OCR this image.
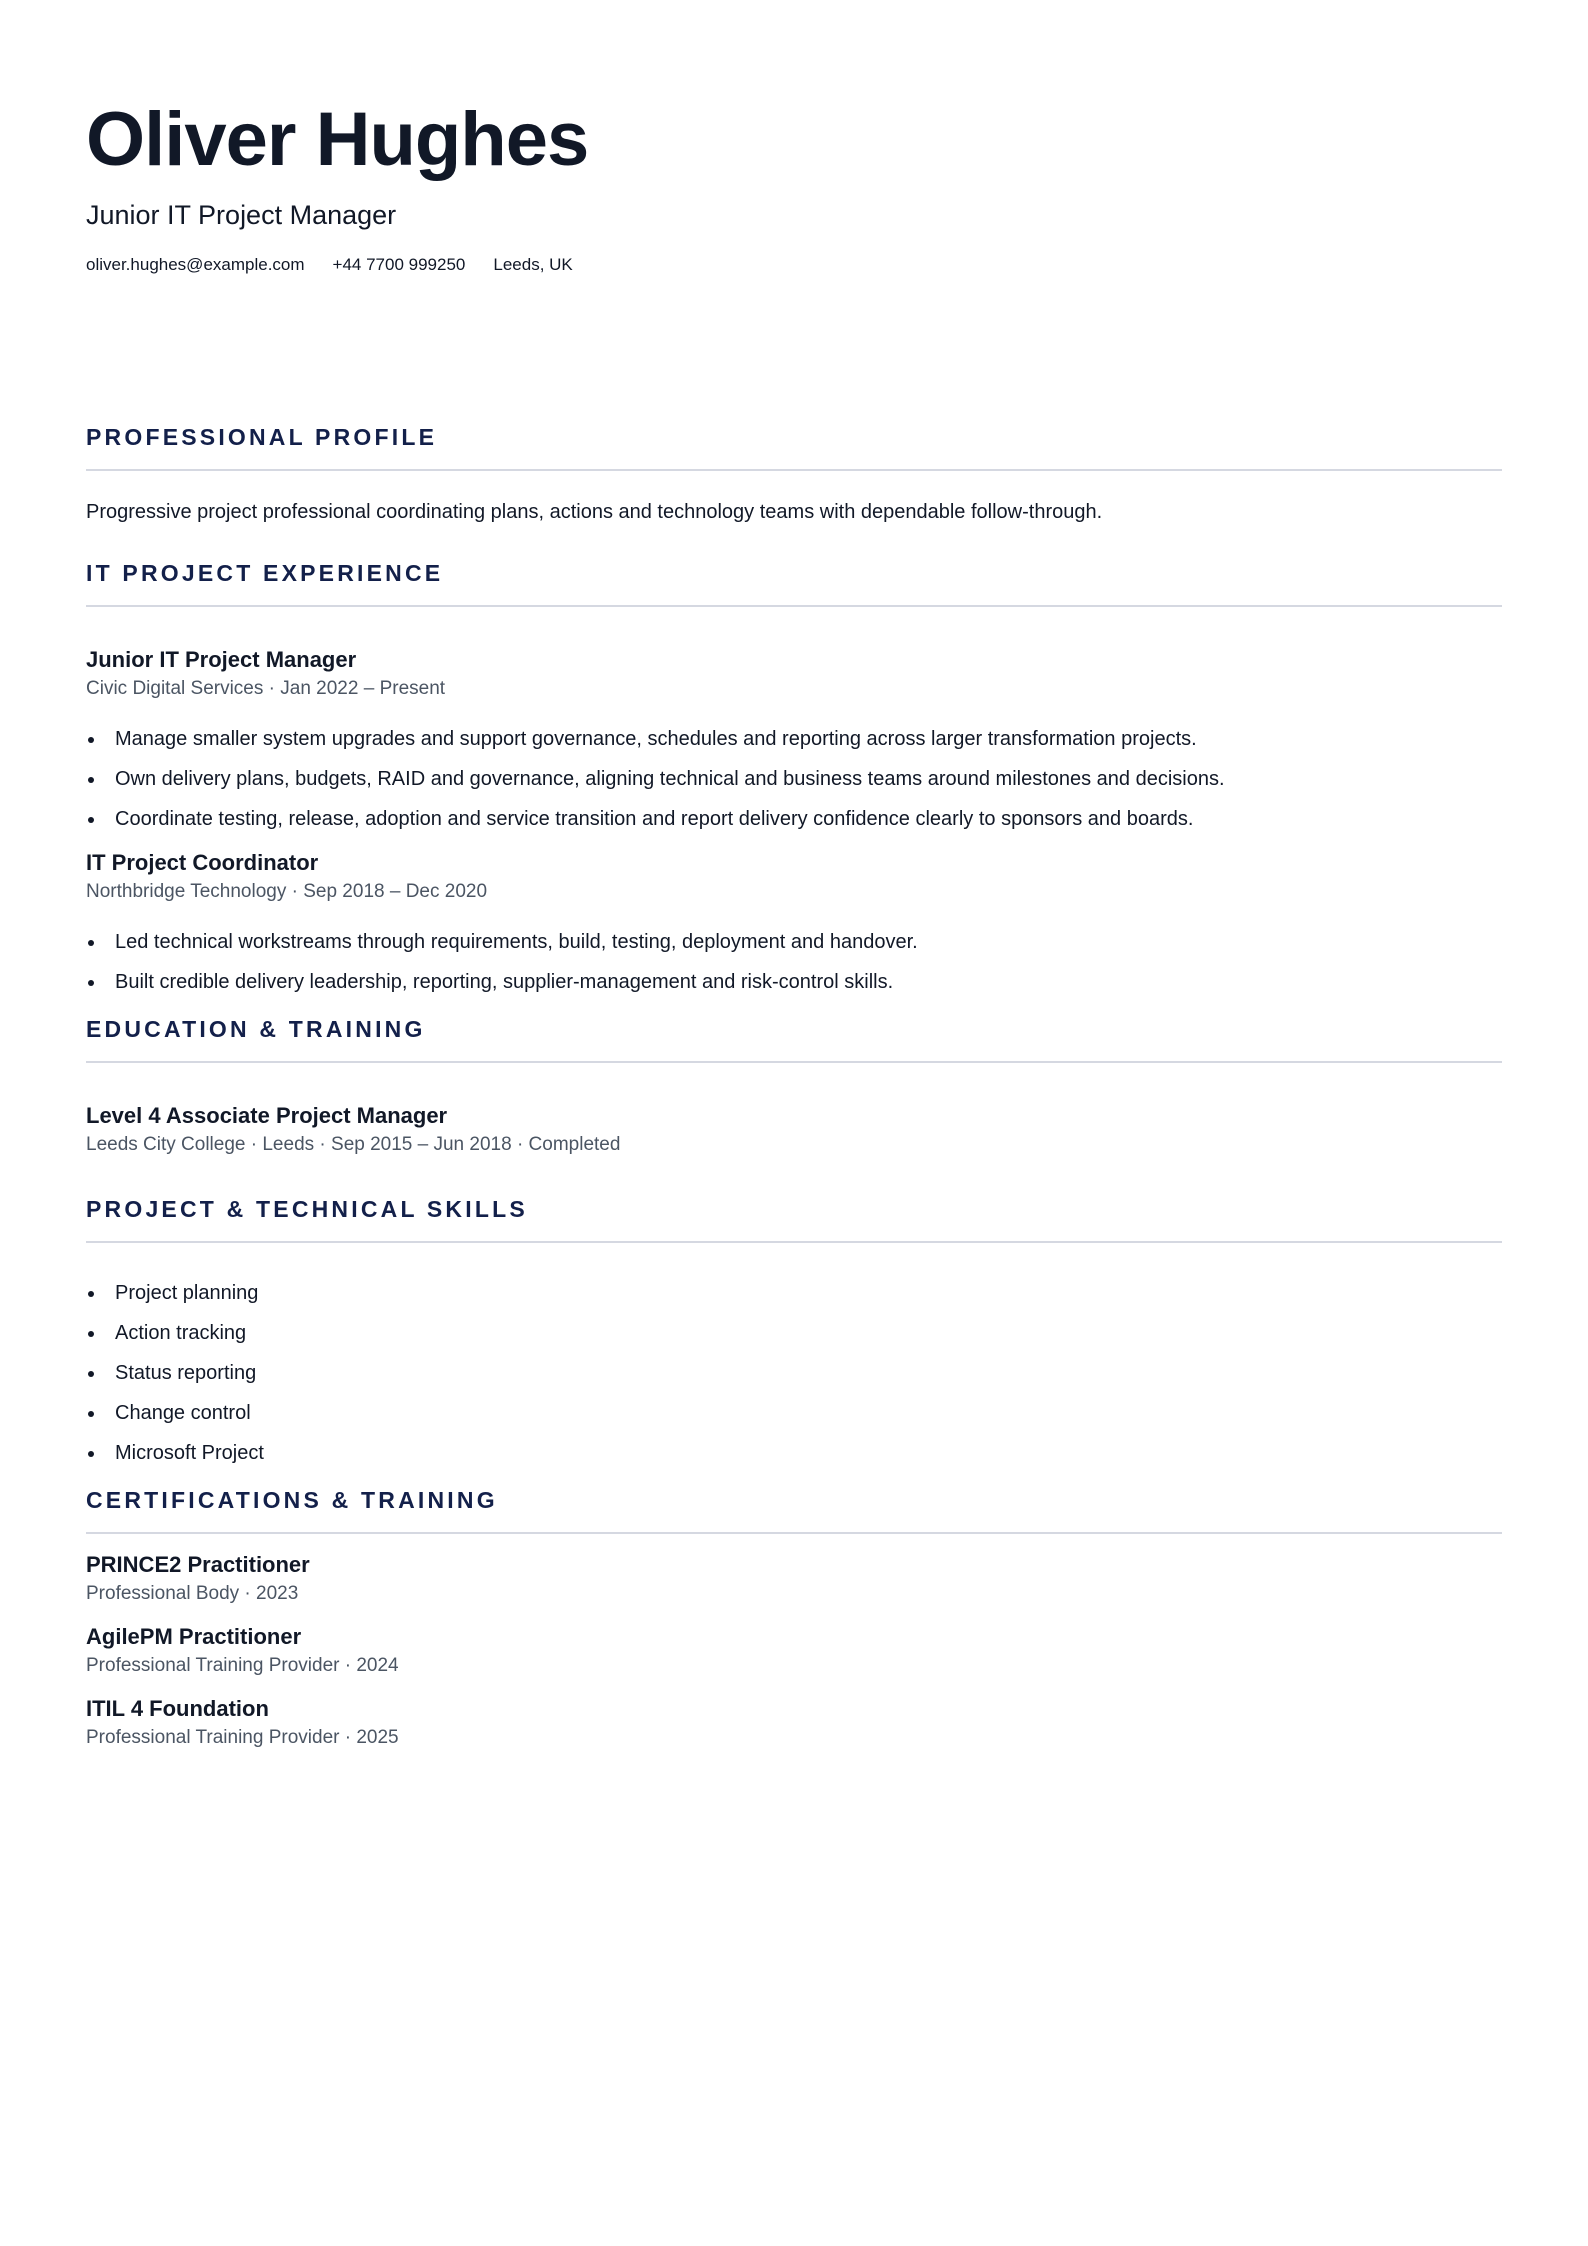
Oliver Hughes
Junior IT Project Manager
oliver.hughes@example.com +44 7700 999250 Leeds, UK
PROFESSIONAL PROFILE

Progressive project professional coordinating plans, actions and technology teams with dependable follow-through.

IT PROJECT EXPERIENCE
Junior IT Project Manager
Civic Digital Services · Jan 2022 – Present
Manage smaller system upgrades and support governance, schedules and reporting across larger transformation projects.
Own delivery plans, budgets, RAID and governance, aligning technical and business teams around milestones and decisions.
Coordinate testing, release, adoption and service transition and report delivery confidence clearly to sponsors and boards.
IT Project Coordinator
Northbridge Technology · Sep 2018 – Dec 2020
Led technical workstreams through requirements, build, testing, deployment and handover.
Built credible delivery leadership, reporting, supplier-management and risk-control skills.
EDUCATION & TRAINING
Level 4 Associate Project Manager
Leeds City College · Leeds · Sep 2015 – Jun 2018 · Completed
PROJECT & TECHNICAL SKILLS
Project planning
Action tracking
Status reporting
Change control
Microsoft Project
CERTIFICATIONS & TRAINING
PRINCE2 Practitioner
Professional Body · 2023
AgilePM Practitioner
Professional Training Provider · 2024
ITIL 4 Foundation
Professional Training Provider · 2025
